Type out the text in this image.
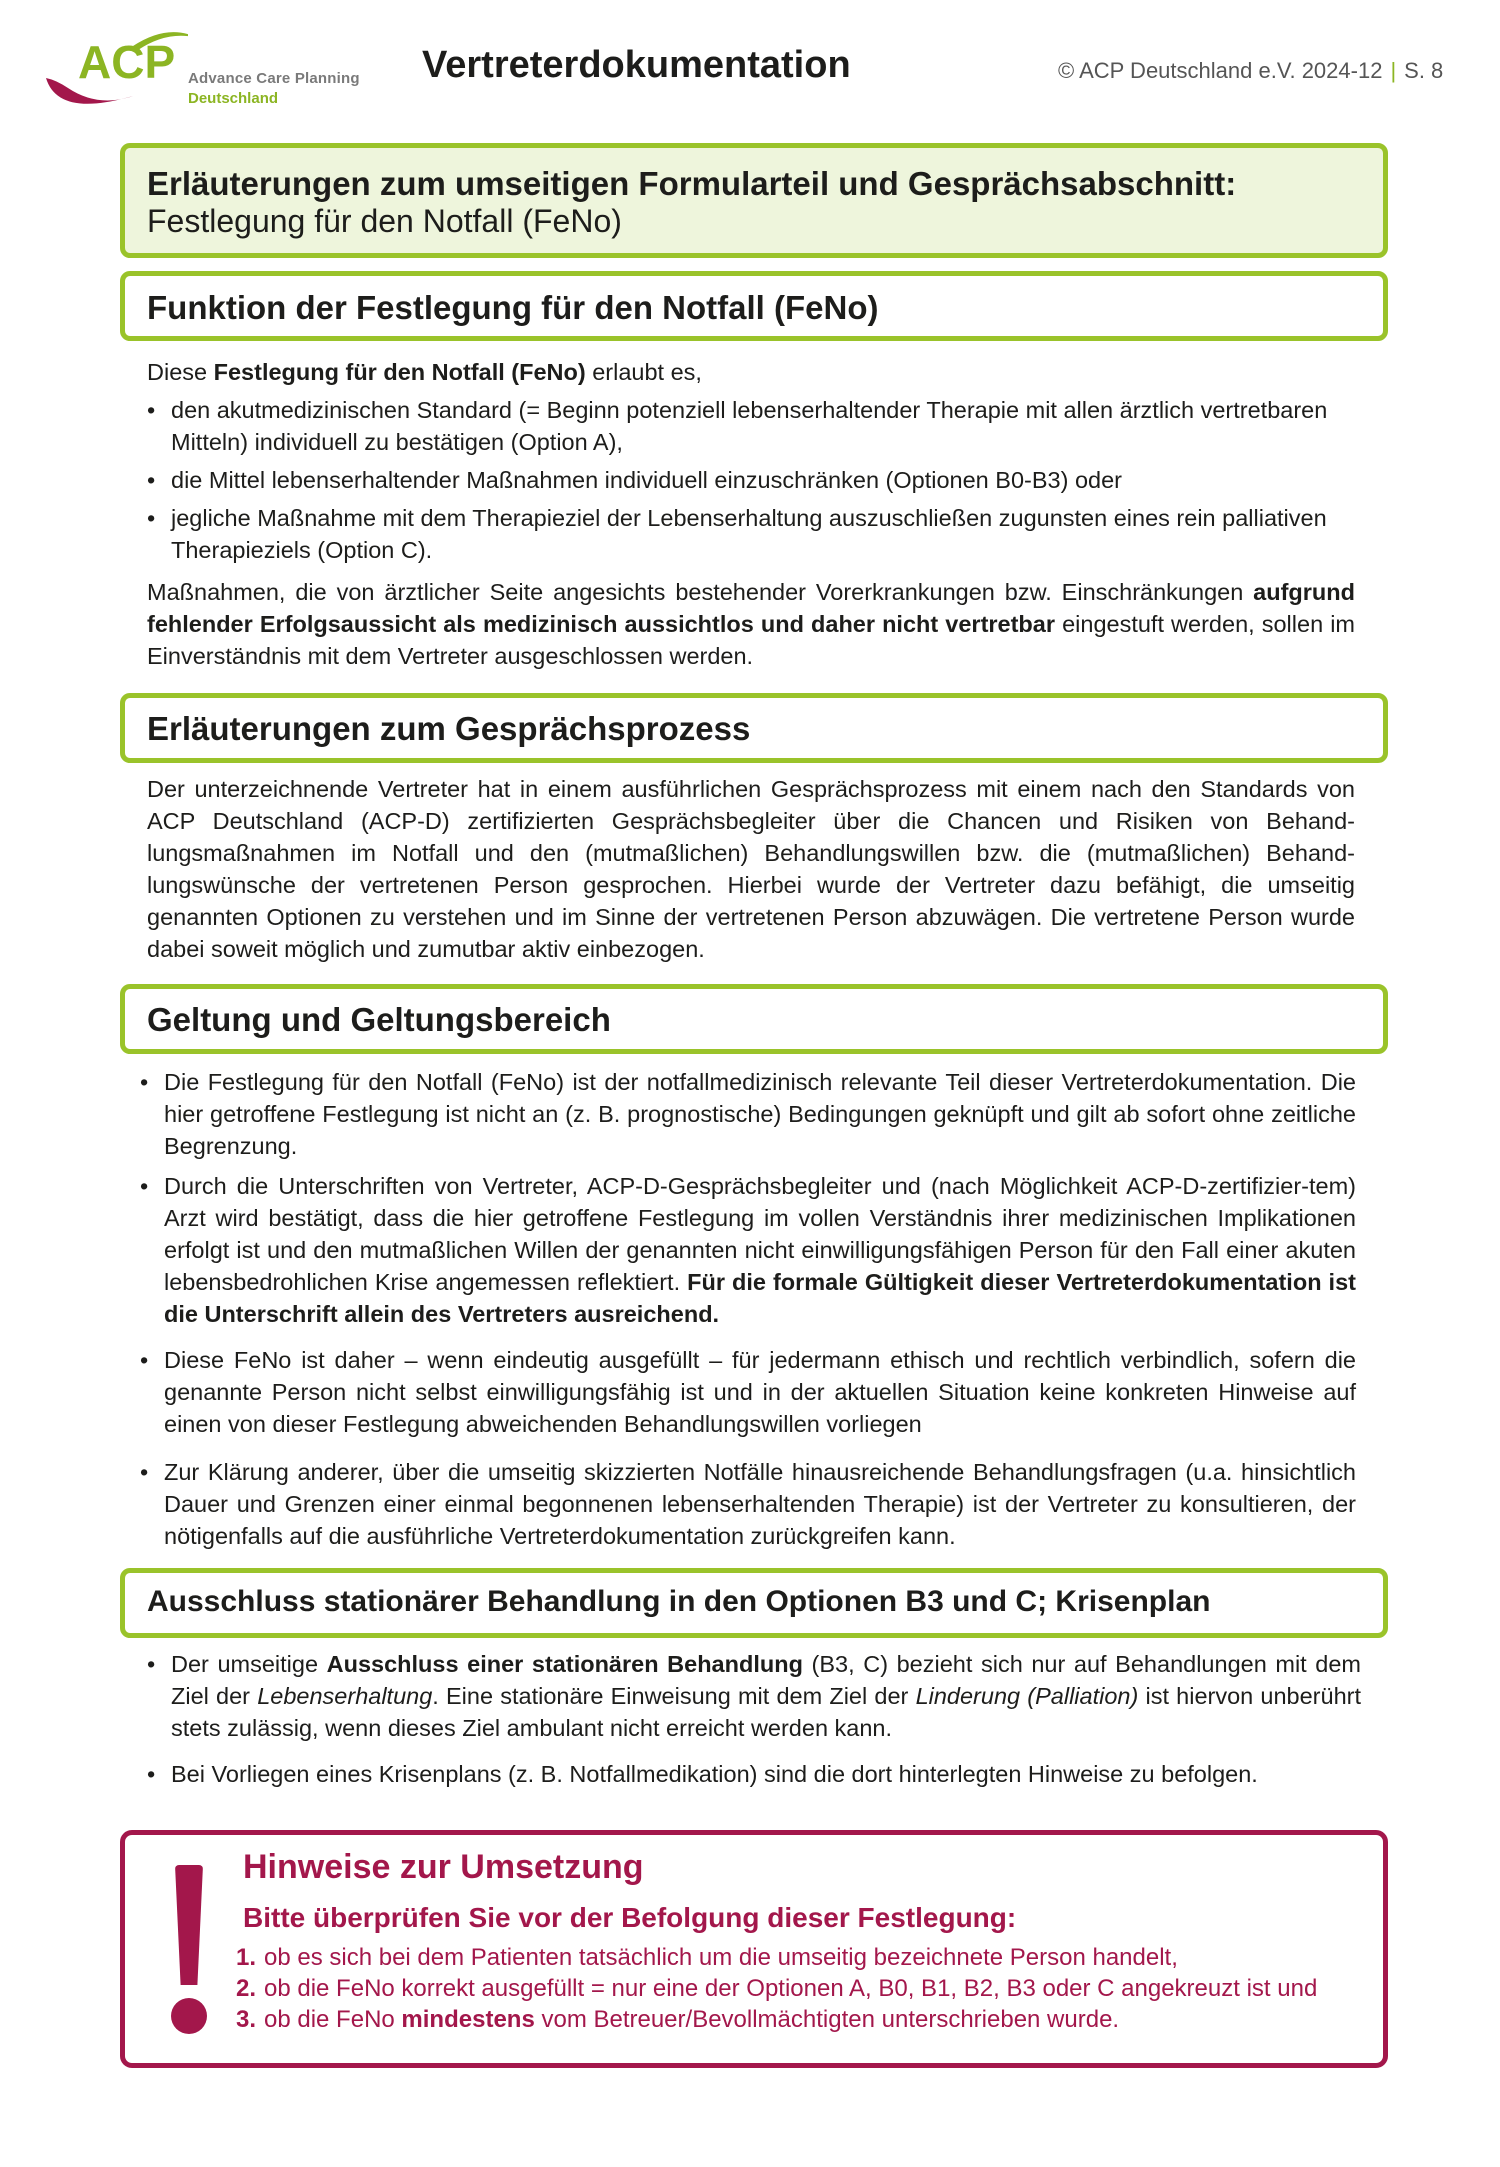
ACP Advance Care Planning
Deutschland
Vertreterdokumentation	© ACP Deutschland e.V. 2024-12 | S. 8
Erläuterungen zum umseitigen Formularteil und Gesprächsabschnitt:
Festlegung für den Notfall (FeNo)
Funktion der Festlegung für den Notfall (FeNo)
Diese Festlegung für den Notfall (FeNo) erlaubt es,
• den akutmedizinischen Standard (= Beginn potenziell lebenserhaltender Therapie mit allen ärztlich vertretbaren Mitteln) individuell zu bestätigen (Option A),
• die Mittel lebenserhaltender Maßnahmen individuell einzuschränken (Optionen B0-B3) oder
• jegliche Maßnahme mit dem Therapieziel der Lebenserhaltung auszuschließen zugunsten eines rein palliativen Therapieziels (Option C).
Maßnahmen, die von ärztlicher Seite angesichts bestehender Vorerkrankungen bzw. Einschränkungen aufgrund fehlender Erfolgsaussicht als medizinisch aussichtlos und daher nicht vertretbar eingestuft werden, sollen im Einverständnis mit dem Vertreter ausgeschlossen werden.
Erläuterungen zum Gesprächsprozess
Der unterzeichnende Vertreter hat in einem ausführlichen Gesprächsprozess mit einem nach den Standards von ACP Deutschland (ACP-D) zertifizierten Gesprächsbegleiter über die Chancen und Risiken von Behand-lungsmaßnahmen im Notfall und den (mutmaßlichen) Behandlungswillen bzw. die (mutmaßlichen) Behand-lungswünsche der vertretenen Person gesprochen. Hierbei wurde der Vertreter dazu befähigt, die umseitig genannten Optionen zu verstehen und im Sinne der vertretenen Person abzuwägen. Die vertretene Person wurde dabei soweit möglich und zumutbar aktiv einbezogen.
Geltung und Geltungsbereich
• Die Festlegung für den Notfall (FeNo) ist der notfallmedizinisch relevante Teil dieser Vertreterdokumentation. Die hier getroffene Festlegung ist nicht an (z. B. prognostische) Bedingungen geknüpft und gilt ab sofort ohne zeitliche Begrenzung.
• Durch die Unterschriften von Vertreter, ACP-D-Gesprächsbegleiter und (nach Möglichkeit ACP-D-zertifizier-tem) Arzt wird bestätigt, dass die hier getroffene Festlegung im vollen Verständnis ihrer medizinischen Implikationen erfolgt ist und den mutmaßlichen Willen der genannten nicht einwilligungsfähigen Person für den Fall einer akuten lebensbedrohlichen Krise angemessen reflektiert. Für die formale Gültigkeit dieser Vertreterdokumentation ist die Unterschrift allein des Vertreters ausreichend.
• Diese FeNo ist daher – wenn eindeutig ausgefüllt – für jedermann ethisch und rechtlich verbindlich, sofern die genannte Person nicht selbst einwilligungsfähig ist und in der aktuellen Situation keine konkreten Hinweise auf einen von dieser Festlegung abweichenden Behandlungswillen vorliegen
• Zur Klärung anderer, über die umseitig skizzierten Notfälle hinausreichende Behandlungsfragen (u.a. hinsichtlich Dauer und Grenzen einer einmal begonnenen lebenserhaltenden Therapie) ist der Vertreter zu konsultieren, der nötigenfalls auf die ausführliche Vertreterdokumentation zurückgreifen kann.
Ausschluss stationärer Behandlung in den Optionen B3 und C; Krisenplan
• Der umseitige Ausschluss einer stationären Behandlung (B3, C) bezieht sich nur auf Behandlungen mit dem Ziel der Lebenserhaltung. Eine stationäre Einweisung mit dem Ziel der Linderung (Palliation) ist hiervon unberührt stets zulässig, wenn dieses Ziel ambulant nicht erreicht werden kann.
• Bei Vorliegen eines Krisenplans (z. B. Notfallmedikation) sind die dort hinterlegten Hinweise zu befolgen.
Hinweise zur Umsetzung
Bitte überprüfen Sie vor der Befolgung dieser Festlegung:
1. ob es sich bei dem Patienten tatsächlich um die umseitig bezeichnete Person handelt,
2. ob die FeNo korrekt ausgefüllt = nur eine der Optionen A, B0, B1, B2, B3 oder C angekreuzt ist und
3. ob die FeNo mindestens vom Betreuer/Bevollmächtigten unterschrieben wurde.
